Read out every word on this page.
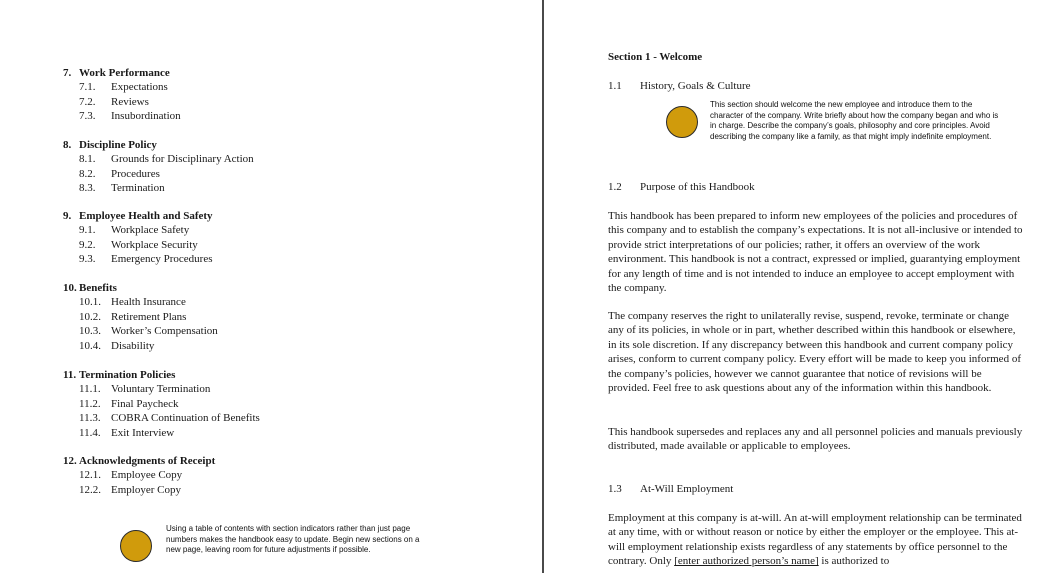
7. Work Performance
7.1. Expectations
7.2. Reviews
7.3. Insubordination
8. Discipline Policy
8.1. Grounds for Disciplinary Action
8.2. Procedures
8.3. Termination
9. Employee Health and Safety
9.1. Workplace Safety
9.2. Workplace Security
9.3. Emergency Procedures
10. Benefits
10.1. Health Insurance
10.2. Retirement Plans
10.3. Worker’s Compensation
10.4. Disability
11. Termination Policies
11.1. Voluntary Termination
11.2. Final Paycheck
11.3. COBRA Continuation of Benefits
11.4. Exit Interview
12. Acknowledgments of Receipt
12.1. Employee Copy
12.2. Employer Copy
Using a table of contents with section indicators rather than just page numbers makes the handbook easy to update. Begin new sections on a new page, leaving room for future adjustments if possible.
Section 1 - Welcome
1.1 History, Goals & Culture
This section should welcome the new employee and introduce them to the character of the company. Write briefly about how the company began and who is in charge. Describe the company’s goals, philosophy and core principles. Avoid describing the company like a family, as that might imply indefinite employment.
1.2 Purpose of this Handbook

This handbook has been prepared to inform new employees of the policies and procedures of this company and to establish the company’s expectations. It is not all-inclusive or intended to provide strict interpretations of our policies; rather, it offers an overview of the work environment. This handbook is not a contract, expressed or implied, guarantying employment for any length of time and is not intended to induce an employee to accept employment with the company.

The company reserves the right to unilaterally revise, suspend, revoke, terminate or change any of its policies, in whole or in part, whether described within this handbook or elsewhere, in its sole discretion. If any discrepancy between this handbook and current company policy arises, conform to current company policy. Every effort will be made to keep you informed of the company’s policies, however we cannot guarantee that notice of revisions will be provided. Feel free to ask questions about any of the information within this handbook.

This handbook supersedes and replaces any and all personnel policies and manuals previously distributed, made available or applicable to employees.

1.3 At-Will Employment

Employment at this company is at-will. An at-will employment relationship can be terminated at any time, with or without reason or notice by either the employer or the employee. This at-will employment relationship exists regardless of any statements by office personnel to the contrary. Only [enter authorized person’s name] is authorized to
